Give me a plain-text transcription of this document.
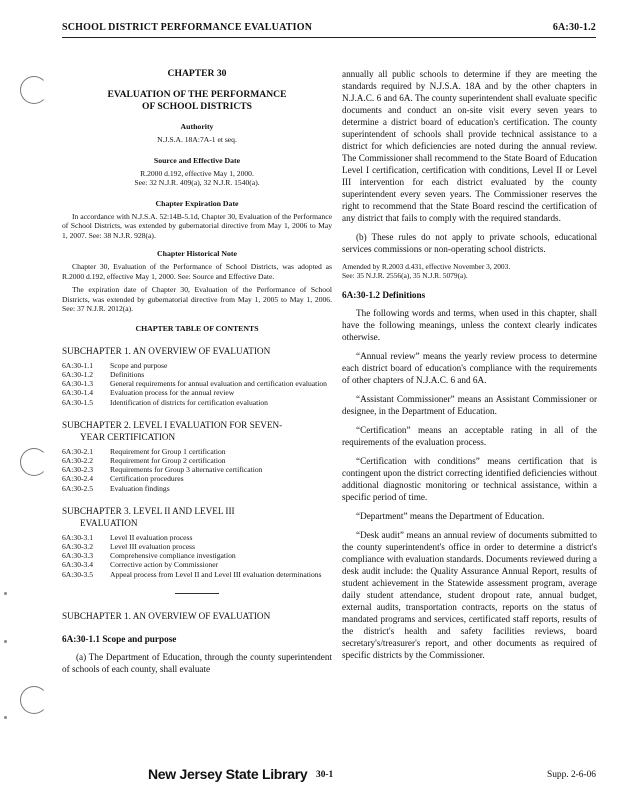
SCHOOL DISTRICT PERFORMANCE EVALUATION	6A:30-1.2
CHAPTER 30
EVALUATION OF THE PERFORMANCE OF SCHOOL DISTRICTS
Authority
N.J.S.A. 18A:7A-1 et seq.
Source and Effective Date
R.2000 d.192, effective May 1, 2000.
See: 32 N.J.R. 409(a), 32 N.J.R. 1540(a).
Chapter Expiration Date

In accordance with N.J.S.A. 52:14B-5.1d, Chapter 30, Evaluation of the Performance of School Districts, was extended by gubernatorial directive from May 1, 2006 to May 1, 2007. See: 38 N.J.R. 928(a).

Chapter Historical Note

Chapter 30, Evaluation of the Performance of School Districts, was adopted as R.2000 d.192, effective May 1, 2000. See: Source and Effective Date.

The expiration date of Chapter 30, Evaluation of the Performance of School Districts, was extended by gubernatorial directive from May 1, 2005 to May 1, 2006. See: 37 N.J.R. 2012(a).

CHAPTER TABLE OF CONTENTS
SUBCHAPTER 1. AN OVERVIEW OF EVALUATION
6A:30-1.1 Scope and purpose
6A:30-1.2 Definitions
6A:30-1.3 General requirements for annual evaluation and certification evaluation
6A:30-1.4 Evaluation process for the annual review
6A:30-1.5 Identification of districts for certification evaluation
SUBCHAPTER 2. LEVEL I EVALUATION FOR SEVEN-
YEAR CERTIFICATION
6A:30-2.1 Requirement for Group 1 certification
6A:30-2.2 Requirement for Group 2 certification
6A:30-2.3 Requirements for Group 3 alternative certification
6A:30-2.4 Certification procedures
6A:30-2.5 Evaluation findings
SUBCHAPTER 3. LEVEL II AND LEVEL III
EVALUATION
6A:30-3.1 Level II evaluation process
6A:30-3.2 Level III evaluation process
6A:30-3.3 Comprehensive compliance investigation
6A:30-3.4 Corrective action by Commissioner
6A:30-3.5 Appeal process from Level II and Level III evaluation determinations
SUBCHAPTER 1. AN OVERVIEW OF EVALUATION
6A:30-1.1 Scope and purpose

(a) The Department of Education, through the county superintendent of schools of each county, shall evaluate

annually all public schools to determine if they are meeting the standards required by N.J.S.A. 18A and by the other chapters in N.J.A.C. 6 and 6A. The county superintendent shall evaluate specific documents and conduct an on-site visit every seven years to determine a district board of education's certification. The county superintendent of schools shall provide technical assistance to a district for which deficiencies are noted during the annual review. The Commissioner shall recommend to the State Board of Education Level I certification, certification with conditions, Level II or Level III intervention for each district evaluated by the county superintendent every seven years. The Commissioner reserves the right to recommend that the State Board rescind the certification of any district that fails to comply with the required standards.

(b) These rules do not apply to private schools, educational services commissions or non-operating school districts.

Amended by R.2003 d.431, effective November 3, 2003.
See: 35 N.J.R. 2556(a), 35 N.J.R. 5079(a).
6A:30-1.2 Definitions

The following words and terms, when used in this chapter, shall have the following meanings, unless the context clearly indicates otherwise.

“Annual review” means the yearly review process to determine each district board of education's compliance with the requirements of other chapters of N.J.A.C. 6 and 6A.

“Assistant Commissioner” means an Assistant Commissioner or designee, in the Department of Education.

“Certification” means an acceptable rating in all of the requirements of the evaluation process.

“Certification with conditions” means certification that is contingent upon the district correcting identified deficiencies without additional diagnostic monitoring or technical assistance, within a specific period of time.

“Department” means the Department of Education.

“Desk audit” means an annual review of documents submitted to the county superintendent's office in order to determine a district's compliance with evaluation standards. Documents reviewed during a desk audit include: the Quality Assurance Annual Report, results of student achievement in the Statewide assessment program, average daily student attendance, student dropout rate, annual budget, external audits, transportation contracts, reports on the status of mandated programs and services, certificated staff reports, results of the district's health and safety facilities reviews, board secretary's/treasurer's report, and other documents as required of specific districts by the Commissioner.

New Jersey State Library 30-1	Supp. 2-6-06
